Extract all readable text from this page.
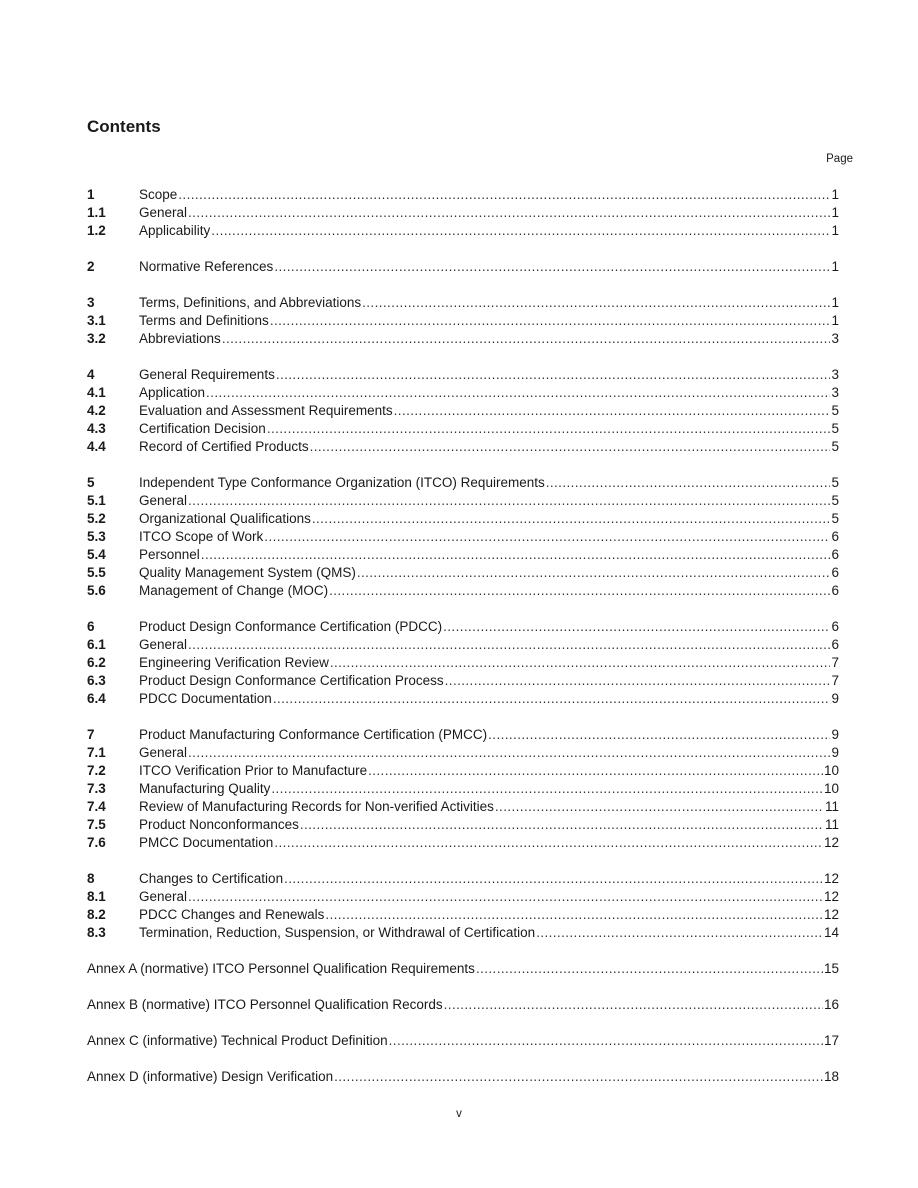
Contents
Page
1	Scope .....	1
1.1	General .....	1
1.2	Applicability .....	1
2	Normative References .....	1
3	Terms, Definitions, and Abbreviations .....	1
3.1	Terms and Definitions .....	1
3.2	Abbreviations .....	3
4	General Requirements .....	3
4.1	Application .....	3
4.2	Evaluation and Assessment Requirements .....	5
4.3	Certification Decision .....	5
4.4	Record of Certified Products .....	5
5	Independent Type Conformance Organization (ITCO) Requirements .....	5
5.1	General .....	5
5.2	Organizational Qualifications .....	5
5.3	ITCO Scope of Work .....	6
5.4	Personnel .....	6
5.5	Quality Management System (QMS) .....	6
5.6	Management of Change (MOC) .....	6
6	Product Design Conformance Certification (PDCC) .....	6
6.1	General .....	6
6.2	Engineering Verification Review .....	7
6.3	Product Design Conformance Certification Process .....	7
6.4	PDCC Documentation .....	9
7	Product Manufacturing Conformance Certification (PMCC) .....	9
7.1	General .....	9
7.2	ITCO Verification Prior to Manufacture .....	10
7.3	Manufacturing Quality .....	10
7.4	Review of Manufacturing Records for Non-verified Activities .....	11
7.5	Product Nonconformances .....	11
7.6	PMCC Documentation .....	12
8	Changes to Certification .....	12
8.1	General .....	12
8.2	PDCC Changes and Renewals .....	12
8.3	Termination, Reduction, Suspension, or Withdrawal of Certification .....	14
Annex A (normative) ITCO Personnel Qualification Requirements .....	15
Annex B (normative) ITCO Personnel Qualification Records .....	16
Annex C (informative) Technical Product Definition .....	17
Annex D (informative) Design Verification .....	18
v
